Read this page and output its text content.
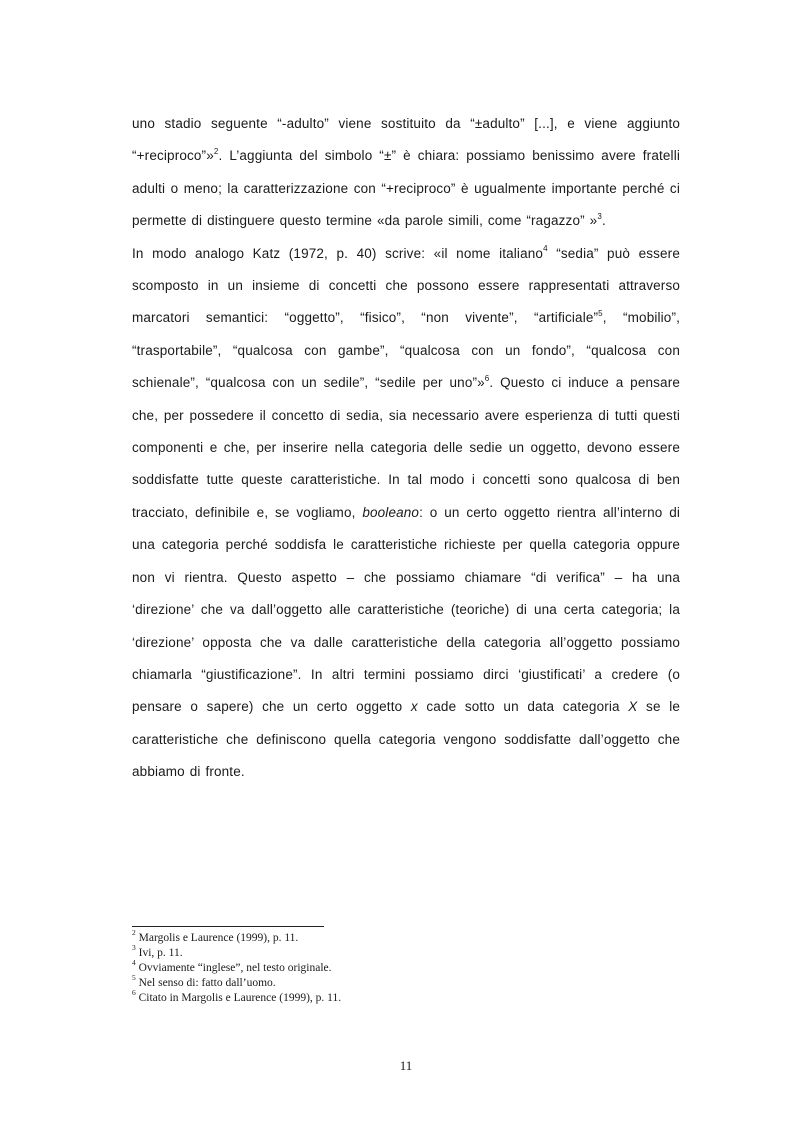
uno stadio seguente “-adulto” viene sostituito da “±adulto” [...], e viene aggiunto “+reciproco”»$^2$. L’aggiunta del simbolo “±” è chiara: possiamo benissimo avere fratelli adulti o meno; la caratterizzazione con “+reciproco” è ugualmente importante perché ci permette di distinguere questo termine «da parole simili, come “ragazzo” »$^3$.

In modo analogo Katz (1972, p. 40) scrive: «il nome italiano$^4$ “sedia” può essere scomposto in un insieme di concetti che possono essere rappresentati attraverso marcatori semantici: “oggetto”, “fisico”, “non vivente”, “artificiale”$^5$, “mobilio”, “trasportabile”, “qualcosa con gambe”, “qualcosa con un fondo”, “qualcosa con schienale”, “qualcosa con un sedile”, “sedile per uno”»$^6$. Questo ci induce a pensare che, per possedere il concetto di sedia, sia necessario avere esperienza di tutti questi componenti e che, per inserire nella categoria delle sedie un oggetto, devono essere soddisfatte tutte queste caratteristiche. In tal modo i concetti sono qualcosa di ben tracciato, definibile e, se vogliamo, booleano: o un certo oggetto rientra all’interno di una categoria perché soddisfa le caratteristiche richieste per quella categoria oppure non vi rientra. Questo aspetto – che possiamo chiamare “di verifica” – ha una ‘direzione’ che va dall’oggetto alle caratteristiche (teoriche) di una certa categoria; la ‘direzione’ opposta che va dalle caratteristiche della categoria all’oggetto possiamo chiamarla “giustificazione”. In altri termini possiamo dirci ‘giustificati’ a credere (o pensare o sapere) che un certo oggetto x cade sotto un data categoria X se le caratteristiche che definiscono quella categoria vengono soddisfatte dall’oggetto che abbiamo di fronte.

$^2$ Margolis e Laurence (1999), p. 11.
$^3$ Ivi, p. 11.
$^4$ Ovviamente “inglese”, nel testo originale.
$^5$ Nel senso di: fatto dall’uomo.
$^6$ Citato in Margolis e Laurence (1999), p. 11.
11
